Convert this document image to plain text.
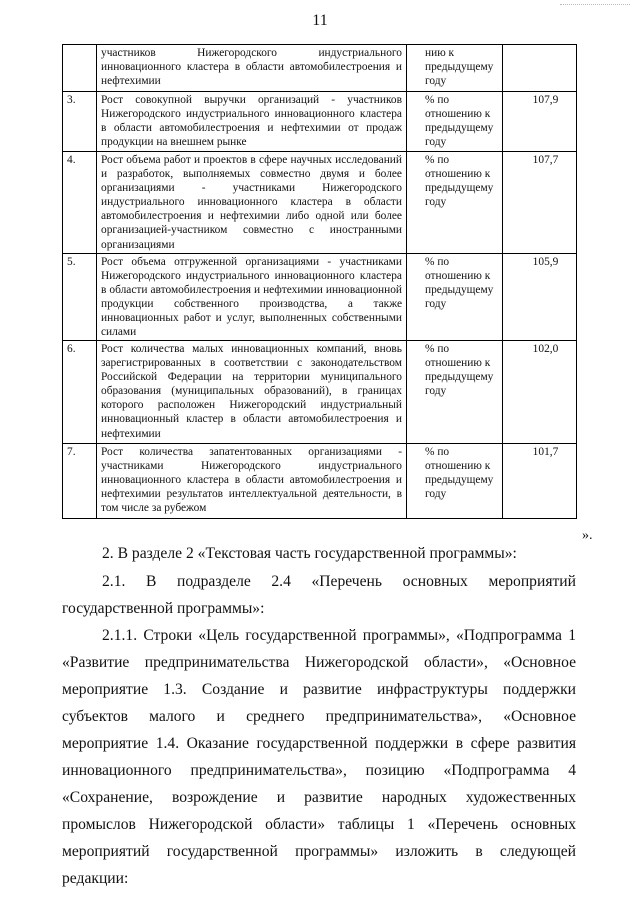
11
	участников Нижегородского индустриального инновационного кластера в области автомобилестроения и нефтехимии	нию к предыдущему году	
3.	Рост совокупной выручки организаций - участников Нижегородского индустриального инновационного кластера в области автомобилестроения и нефтехимии от продаж продукции на внешнем рынке	% по отношению к предыдущему году	107,9
4.	Рост объема работ и проектов в сфере научных исследований и разработок, выполняемых совместно двумя и более организациями - участниками Нижегородского индустриального инновационного кластера в области автомобилестроения и нефтехимии либо одной или более организацией-участником совместно с иностранными организациями	% по отношению к предыдущему году	107,7
5.	Рост объема отгруженной организациями - участниками Нижегородского индустриального инновационного кластера в области автомобилестроения и нефтехимии инновационной продукции собственного производства, а также инновационных работ и услуг, выполненных собственными силами	% по отношению к предыдущему году	105,9
6.	Рост количества малых инновационных компаний, вновь зарегистрированных в соответствии с законодательством Российской Федерации на территории муниципального образования (муниципальных образований), в границах которого расположен Нижегородский индустриальный инновационный кластер в области автомобилестроения и нефтехимии	% по отношению к предыдущему году	102,0
7.	Рост количества запатентованных организациями - участниками Нижегородского индустриального инновационного кластера в области автомобилестроения и нефтехимии результатов интеллектуальной деятельности, в том числе за рубежом	% по отношению к предыдущему году	101,7
».
2. В разделе 2 «Текстовая часть государственной программы»:
2.1. В подразделе 2.4 «Перечень основных мероприятий государственной программы»:
2.1.1. Строки «Цель государственной программы», «Подпрограмма 1 «Развитие предпринимательства Нижегородской области», «Основное мероприятие 1.3. Создание и развитие инфраструктуры поддержки субъектов малого и среднего предпринимательства», «Основное мероприятие 1.4. Оказание государственной поддержки в сфере развития инновационного предпринимательства», позицию «Подпрограмма 4 «Сохранение, возрождение и развитие народных художественных промыслов Нижегородской области» таблицы 1 «Перечень основных мероприятий государственной программы» изложить в следующей редакции:
